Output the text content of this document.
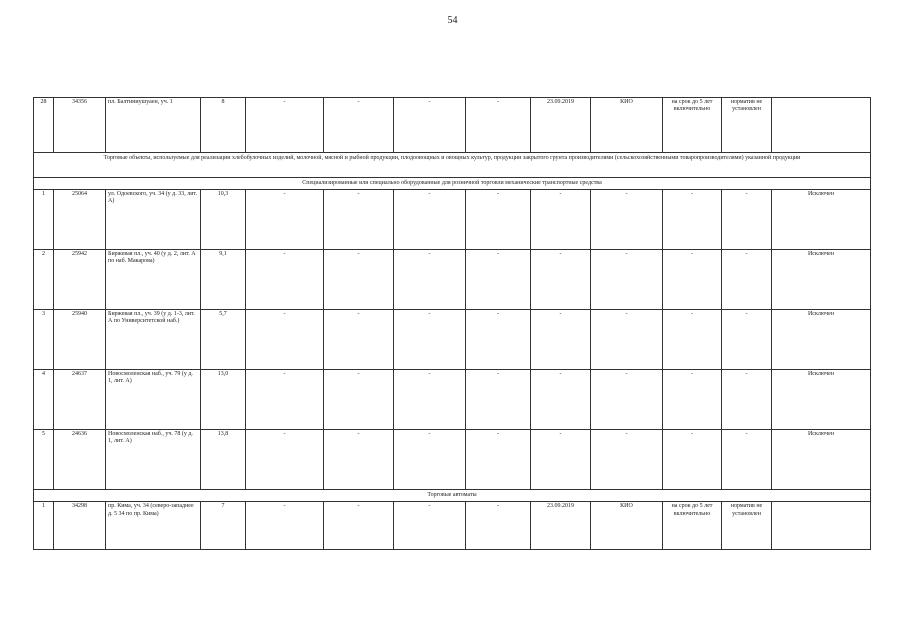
54
28	34356	пл. Балтиниушуаен, уч. 1	8	-	-	-	-	23.09.2019	КИО	на срок до 5 лет включительно	норматив не установлен	
Торговые объекты, используемые для реализации хлебобулочных изделий, молочной, мясной и рыбной продукции, плодоовощных и овощных культур, продукции закрытого грунта производителями (сельскохозяйственными товаропроизводителями) указанной продукции												
Специализированные или специально оборудованные для розничной торговли механические транспортные средства												
1	25064	ул. Одоевского, уч. 34 (у д. 33, лит. А)	10,3	-	-	-	-	-	-	-	-	Исключен
2	25942	Биржевая пл., уч. 40 (у д. 2, лит. А по наб. Макарова)	9,1	-	-	-	-	-	-	-	-	Исключен
3	25940	Биржевая пл., уч. 39 (у д. 1-3, лит. А по Университетской наб.)	5,7	-	-	-	-	-	-	-	-	Исключен
4	24637	Новосмоленская наб., уч. 79 (у д. 1, лит. А)	13,0	-	-	-	-	-	-	-	-	Исключен
5	24636	Новосмоленская наб., уч. 78 (у д. 1, лит. А)	13,8	-	-	-	-	-	-	-	-	Исключен
Торговые автоматы												
1	34298	пр. Кима, уч. 34 (северо-западнее д. 5 34 по пр. Кима)	7	-	-	-	-	23.09.2019	КИО	на срок до 5 лет включительно	норматив не установлен	
